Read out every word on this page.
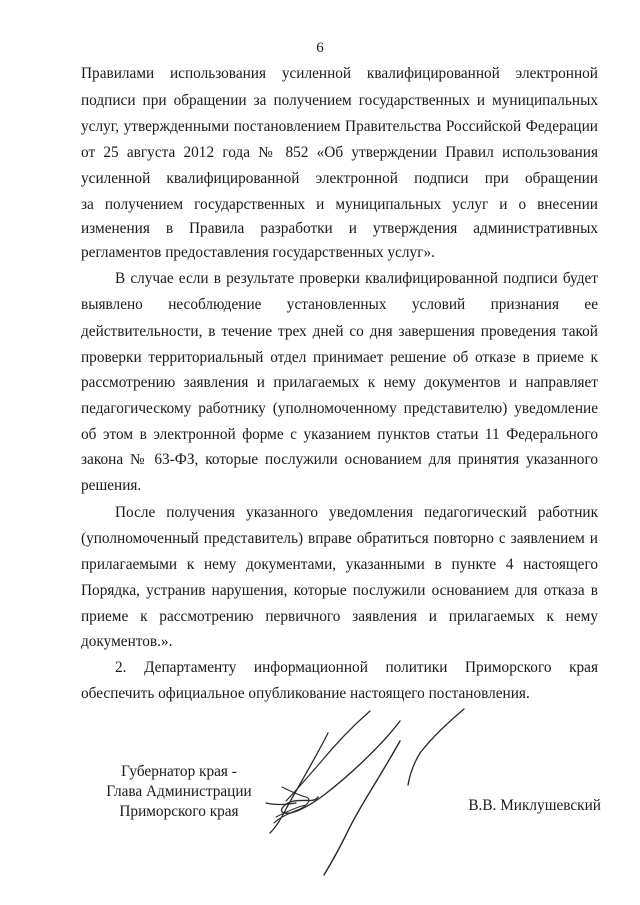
6
Правилами использования усиленной квалифицированной электронной
подписи при обращении за получением государственных и муниципальных
услуг, утвержденными постановлением Правительства Российской Федерации
от 25 августа 2012 года № 852 «Об утверждении Правил использования
усиленной квалифицированной электронной подписи при обращении
за получением государственных и муниципальных услуг и о внесении
изменения в Правила разработки и утверждения административных
регламентов предоставления государственных услуг».
В случае если в результате проверки квалифицированной подписи будет
выявлено несоблюдение установленных условий признания ее
действительности, в течение трех дней со дня завершения проведения такой
проверки территориальный отдел принимает решение об отказе в приеме к
рассмотрению заявления и прилагаемых к нему документов и направляет
педагогическому работнику (уполномоченному представителю) уведомление
об этом в электронной форме с указанием пунктов статьи 11 Федерального
закона № 63-ФЗ, которые послужили основанием для принятия указанного
решения.
После получения указанного уведомления педагогический работник
(уполномоченный представитель) вправе обратиться повторно с заявлением и
прилагаемыми к нему документами, указанными в пункте 4 настоящего
Порядка, устранив нарушения, которые послужили основанием для отказа в
приеме к рассмотрению первичного заявления и прилагаемых к нему
документов.».
2. Департаменту информационной политики Приморского края
обеспечить официальное опубликование настоящего постановления.
Губернатор края -
Глава Администрации
Приморского края	В.В. Миклушевский
